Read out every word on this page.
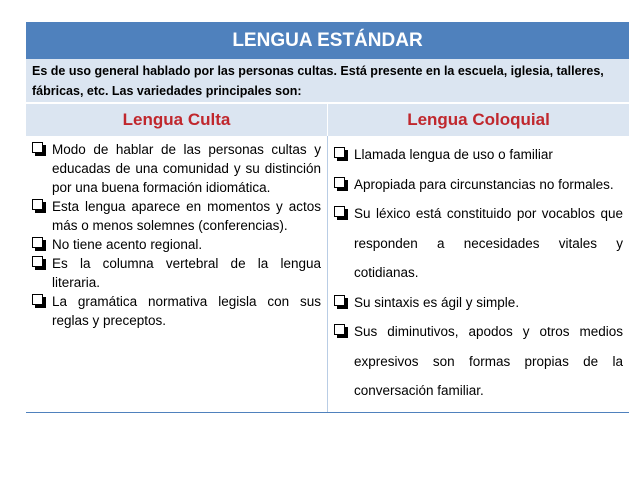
LENGUA ESTÁNDAR
Es de uso general hablado por las personas cultas. Está presente en la escuela, iglesia, talleres, fábricas, etc. Las variedades principales son:
Lengua Culta	Lengua Coloquial
Modo de hablar de las personas cultas y educadas de una comunidad y su distinción por una buena formación idiomática.
Esta lengua aparece en momentos y actos más o menos solemnes (conferencias).
No tiene acento regional.
Es la columna vertebral de la lengua literaria.
La gramática normativa legisla con sus reglas y preceptos.
Llamada lengua de uso o familiar
Apropiada para circunstancias no formales.
Su léxico está constituido por vocablos que responden a necesidades vitales y cotidianas.
Su sintaxis es ágil y simple.
Sus diminutivos, apodos y otros medios expresivos son formas propias de la conversación familiar.
